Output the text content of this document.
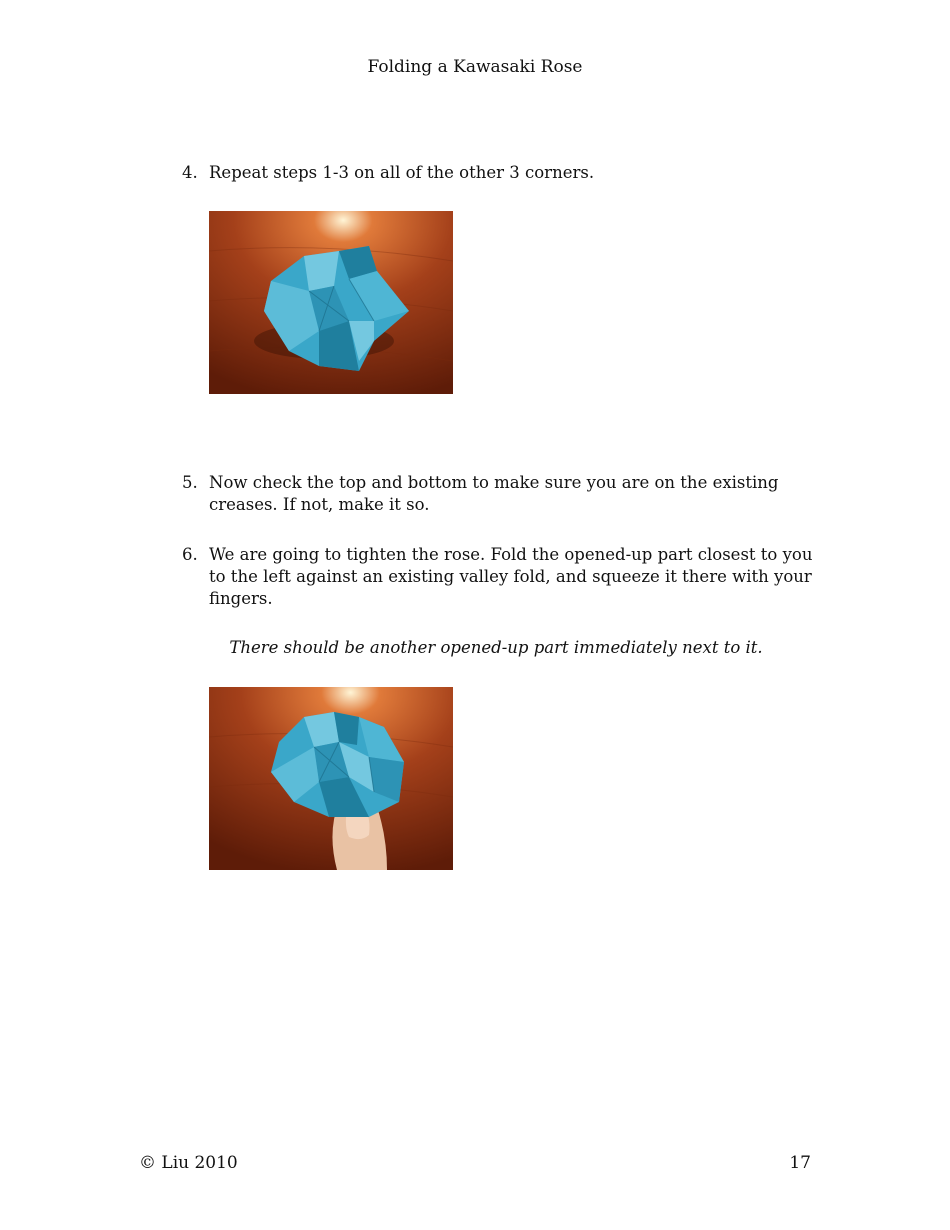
Folding a Kawasaki Rose
4. Repeat steps 1-3 on all of the other 3 corners.
5. Now check the top and bottom to make sure you are on the existing creases. If not, make it so.
6. We are going to tighten the rose. Fold the opened-up part closest to you to the left against an existing valley fold, and squeeze it there with your fingers.
There should be another opened-up part immediately next to it.
© Liu 2010	17
